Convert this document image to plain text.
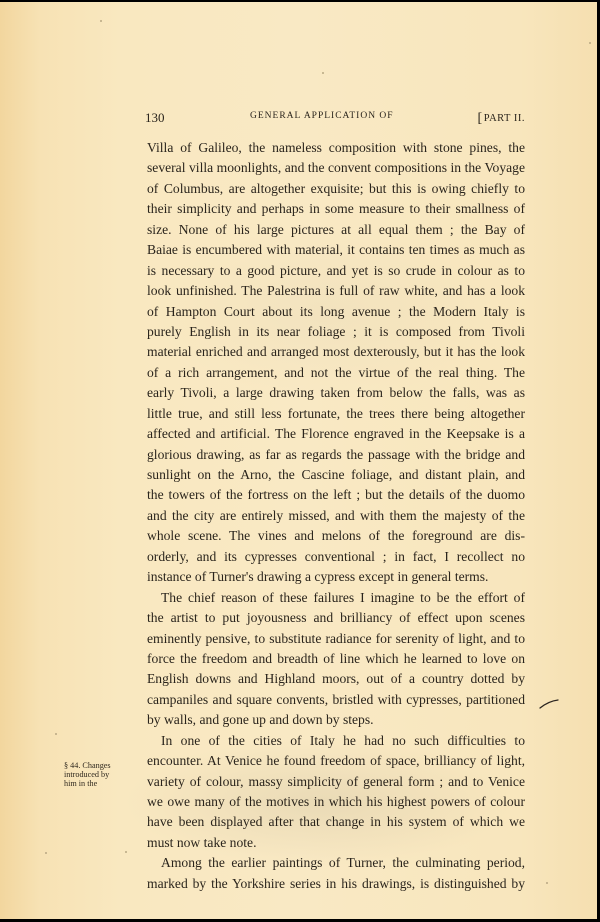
130	GENERAL APPLICATION OF	[PART II.
Villa of Galileo, the nameless composition with stone pines, the
several villa moonlights, and the convent compositions in the Voyage
of Columbus, are altogether exquisite; but this is owing chiefly to
their simplicity and perhaps in some measure to their smallness of
size. None of his large pictures at all equal them ; the Bay of
Baiae is encumbered with material, it contains ten times as much as
is necessary to a good picture, and yet is so crude in colour as to
look unfinished. The Palestrina is full of raw white, and has a look
of Hampton Court about its long avenue ; the Modern Italy is
purely English in its near foliage ; it is composed from Tivoli
material enriched and arranged most dexterously, but it has the look
of a rich arrangement, and not the virtue of the real thing. The
early Tivoli, a large drawing taken from below the falls, was as
little true, and still less fortunate, the trees there being altogether
affected and artificial. The Florence engraved in the Keepsake is a
glorious drawing, as far as regards the passage with the bridge and
sunlight on the Arno, the Cascine foliage, and distant plain, and
the towers of the fortress on the left ; but the details of the duomo
and the city are entirely missed, and with them the majesty of the
whole scene. The vines and melons of the foreground are dis-
orderly, and its cypresses conventional ; in fact, I recollect no
instance of Turner's drawing a cypress except in general terms.
The chief reason of these failures I imagine to be the effort of
the artist to put joyousness and brilliancy of effect upon scenes
eminently pensive, to substitute radiance for serenity of light, and to
force the freedom and breadth of line which he learned to love on
English downs and Highland moors, out of a country dotted by
campaniles and square convents, bristled with cypresses, partitioned
by walls, and gone up and down by steps.
In one of the cities of Italy he had no such difficulties to
encounter. At Venice he found freedom of space, brilliancy of light,
variety of colour, massy simplicity of general form ; and to Venice
we owe many of the motives in which his highest powers of colour
have been displayed after that change in his system of which we
must now take note.
Among the earlier paintings of Turner, the culminating period,
marked by the Yorkshire series in his drawings, is distinguished by
§ 44. Changes
introduced by
him in the
